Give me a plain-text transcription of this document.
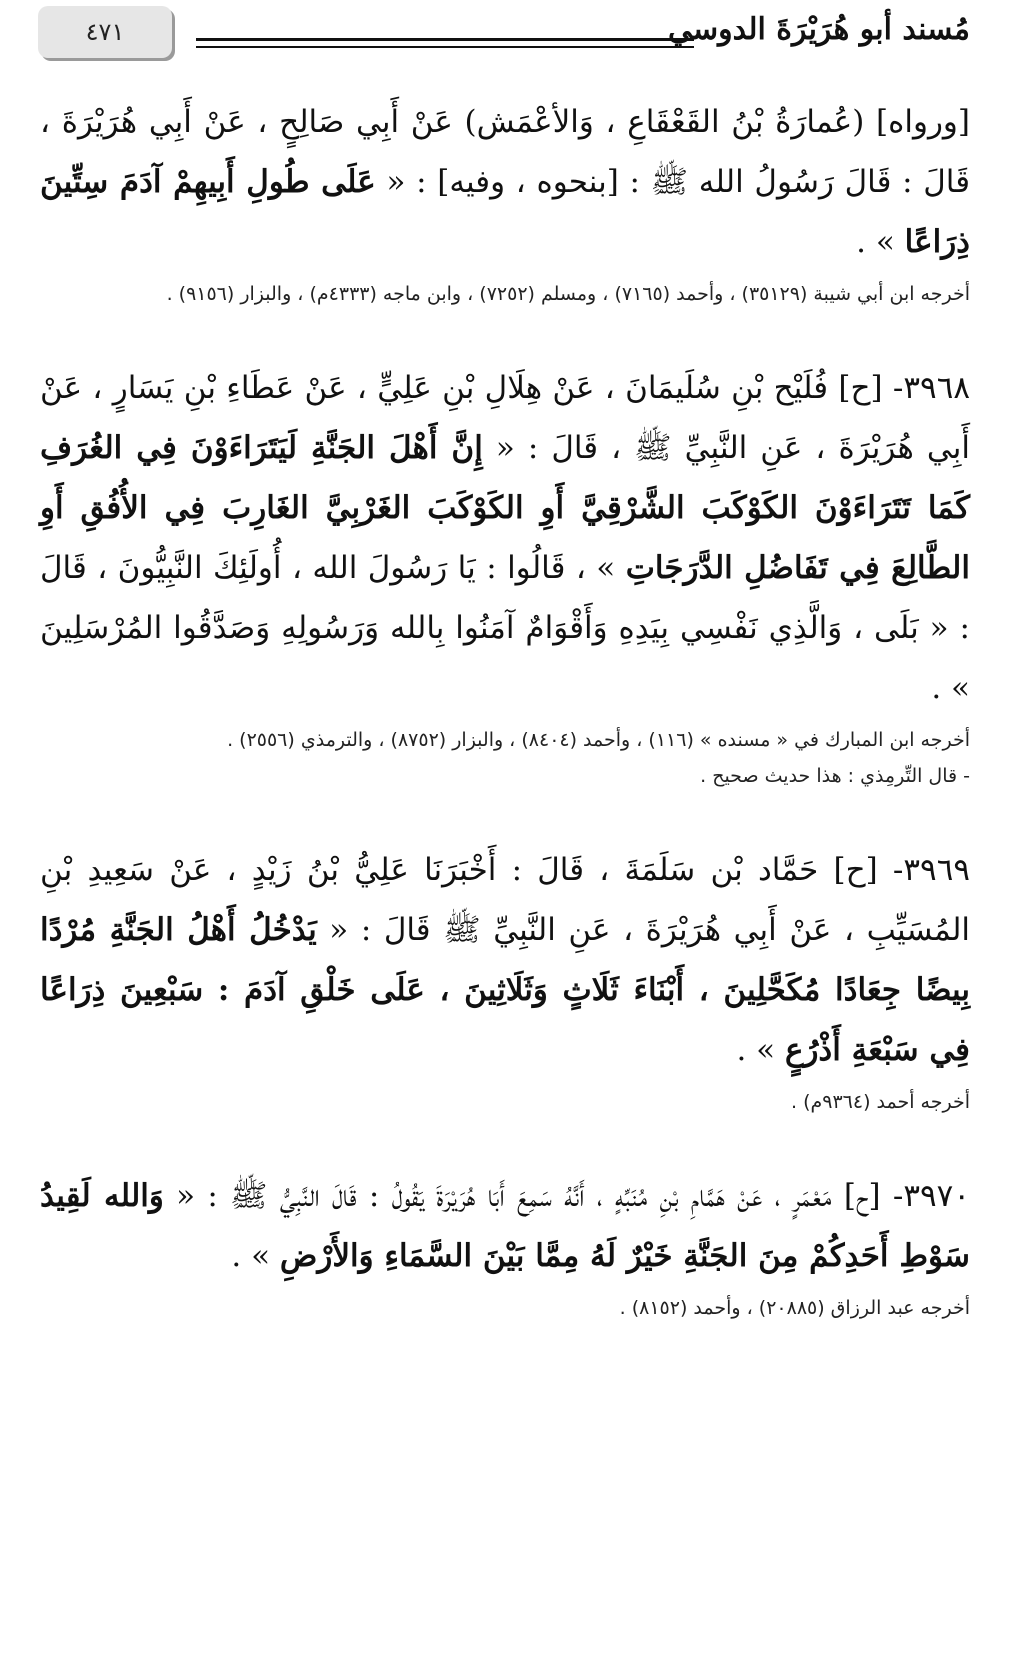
٤٧١	مُسند أبو هُرَيْرَةَ الدوسي

[ورواه] (عُمارَةُ بْنُ القَعْقَاعِ ، وَالأعْمَش) عَنْ أَبِي صَالِحٍ ، عَنْ أَبِي هُرَيْرَةَ ، قَالَ : قَالَ رَسُولُ الله ﷺ : [بنحوه ، وفيه] : « عَلَى طُولِ أَبِيهِمْ آدَمَ سِتِّينَ ذِرَاعًا » .

أخرجه ابن أبي شيبة (٣٥١٢٩) ، وأحمد (٧١٦٥) ، ومسلم (٧٢٥٢) ، وابن ماجه (٤٣٣٣م) ، والبزار (٩١٥٦) .

٣٩٦٨- [ح] فُلَيْح بْنِ سُلَيمَانَ ، عَنْ هِلَالِ بْنِ عَلِيٍّ ، عَنْ عَطَاءِ بْنِ يَسَارٍ ، عَنْ أَبِي هُرَيْرَةَ ، عَنِ النَّبِيِّ ﷺ ، قَالَ : « إِنَّ أَهْلَ الجَنَّةِ لَيَتَرَاءَوْنَ فِي الغُرَفِ كَمَا تَتَرَاءَوْنَ الكَوْكَبَ الشَّرْقِيَّ أَوِ الكَوْكَبَ الغَرْبِيَّ الغَارِبَ فِي الأُفُقِ أَوِ الطَّالِعَ فِي تَفَاضُلِ الدَّرَجَاتِ » ، قَالُوا : يَا رَسُولَ الله ، أُولَئِكَ النَّبِيُّونَ ، قَالَ : « بَلَى ، وَالَّذِي نَفْسِي بِيَدِهِ وَأَقْوَامٌ آمَنُوا بِالله وَرَسُولِهِ وَصَدَّقُوا المُرْسَلِينَ » .

أخرجه ابن المبارك في « مسنده » (١١٦) ، وأحمد (٨٤٠٤) ، والبزار (٨٧٥٢) ، والترمذي (٢٥٥٦) .

- قال التِّرمِذي : هذا حديث صحيح .

٣٩٦٩- [ح] حَمَّاد بْن سَلَمَةَ ، قَالَ : أَخْبَرَنَا عَلِيُّ بْنُ زَيْدٍ ، عَنْ سَعِيدِ بْنِ المُسَيِّبِ ، عَنْ أَبِي هُرَيْرَةَ ، عَنِ النَّبِيِّ ﷺ قَالَ : « يَدْخُلُ أَهْلُ الجَنَّةِ مُرْدًا بِيضًا جِعَادًا مُكَحَّلِينَ ، أَبْنَاءَ ثَلَاثٍ وَثَلَاثِينَ ، عَلَى خَلْقِ آدَمَ : سَبْعِينَ ذِرَاعًا فِي سَبْعَةِ أَذْرُعٍ » .

أخرجه أحمد (٩٣٦٤م) .

٣٩٧٠- [ح] مَعْمَرٍ ، عَنْ هَمَّامِ بْنِ مُنَبِّهٍ ، أَنَّهُ سَمِعَ أَبَا هُرَيْرَةَ يَقُولُ : قَالَ النَّبِيُّ ﷺ : « وَالله لَقِيدُ سَوْطِ أَحَدِكُمْ مِنَ الجَنَّةِ خَيْرٌ لَهُ مِمَّا بَيْنَ السَّمَاءِ وَالأَرْضِ » .

أخرجه عبد الرزاق (٢٠٨٨٥) ، وأحمد (٨١٥٢) .
